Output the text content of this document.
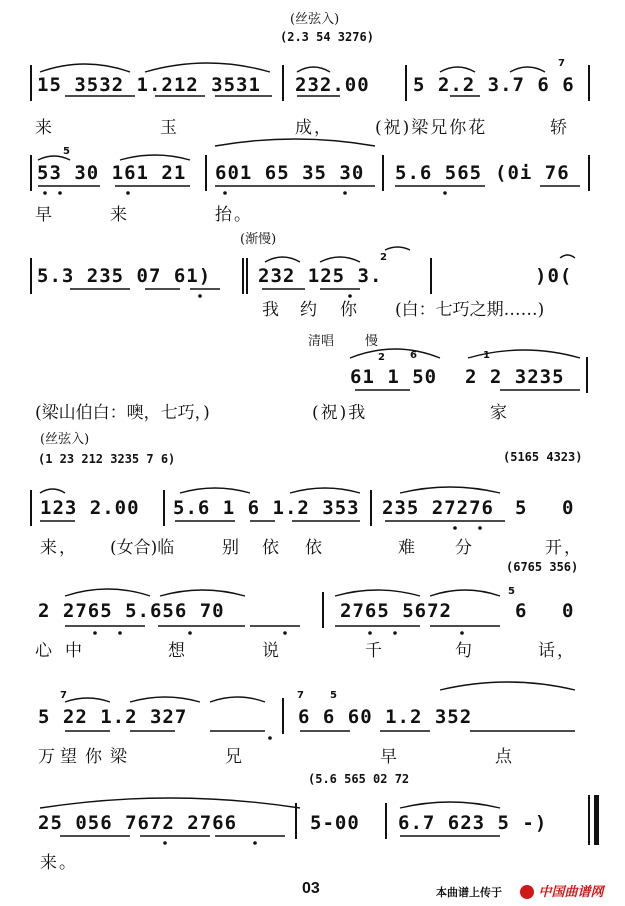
(丝弦入)
(2.3 54 3276)
15 3532 1.212 3531 232.00 5 2.2 3.7 6 6
7
来	玉	成， (祝)梁兄你花	轿
53 30 161 21
5
601 65 35 30 5.6 565 (0i 76
早	来	抬。
(渐慢)
5.3 235 07 61) 232 125 3.
2
)0(
我 约 你 (白：七巧之期……)
清唱 慢
61 1 50
2	6
2 2 3235
1
(梁山伯白：噢，七巧，)	(祝)我	家
(丝弦入)
(1 23 212 3235 7 6)	(5165 4323)
123 2.00 5.6 1 6 1.2 353 235 27276 5 0
来， (女合)临	别 依 依	难 分	开，
(6765 356)
2 2765 5.656 70	2765 5672
5
6 0
心 中	想	说	千	句	话，
5 22 1.2 327
7
6 6 60 1.2 352
7	5
万 望 你 梁	兄	早	点
(5.6 565 02 72
25 056 7672 2766	5-00 6.7 623 5 -)
来。
03	本曲谱上传于	中国曲谱网
